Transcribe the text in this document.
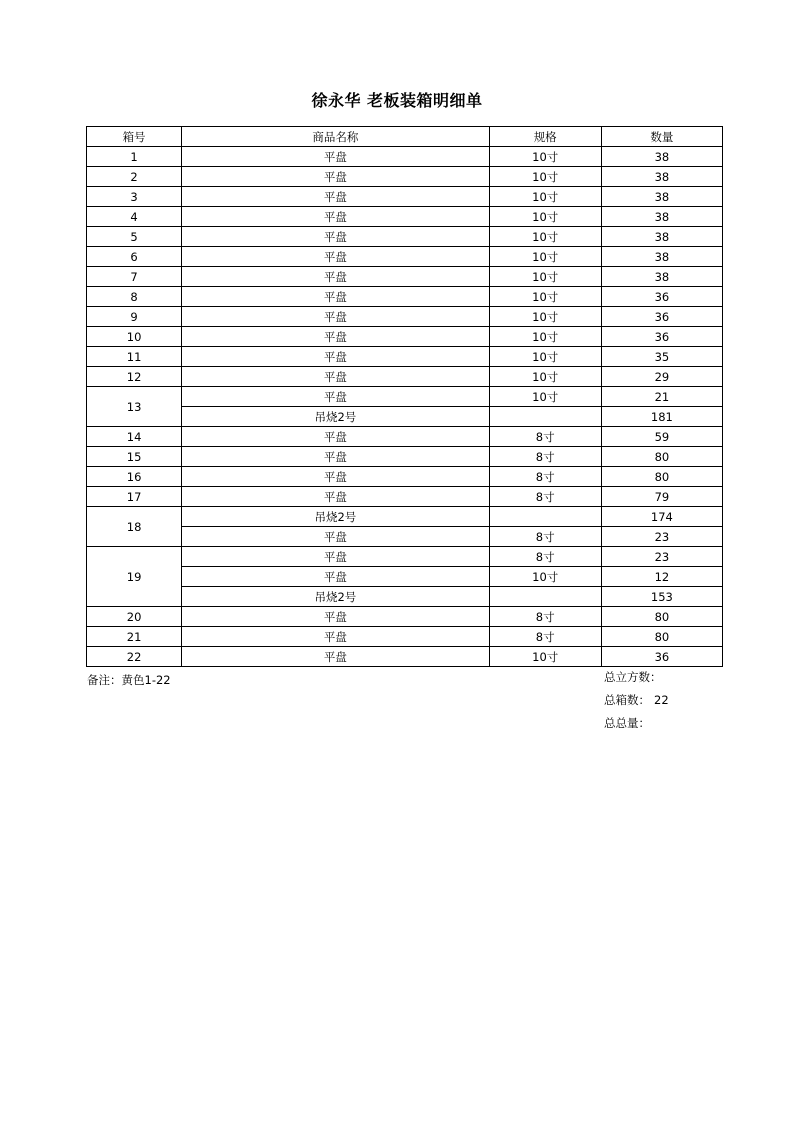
徐永华 老板装箱明细单
箱号	商品名称	规格	数量
1	平盘	10寸	38
2	平盘	10寸	38
3	平盘	10寸	38
4	平盘	10寸	38
5	平盘	10寸	38
6	平盘	10寸	38
7	平盘	10寸	38
8	平盘	10寸	36
9	平盘	10寸	36
10	平盘	10寸	36
11	平盘	10寸	35
12	平盘	10寸	29
13	平盘	10寸	21
	吊烧2号		181
14	平盘	8寸	59
15	平盘	8寸	80
16	平盘	8寸	80
17	平盘	8寸	79
18	吊烧2号		174
	平盘	8寸	23
19	平盘	8寸	23
	平盘	10寸	12
	吊烧2号		153
20	平盘	8寸	80
21	平盘	8寸	80
22	平盘	10寸	36
备注：黄色1-22	总立方数：
总箱数： 22
总总量：
